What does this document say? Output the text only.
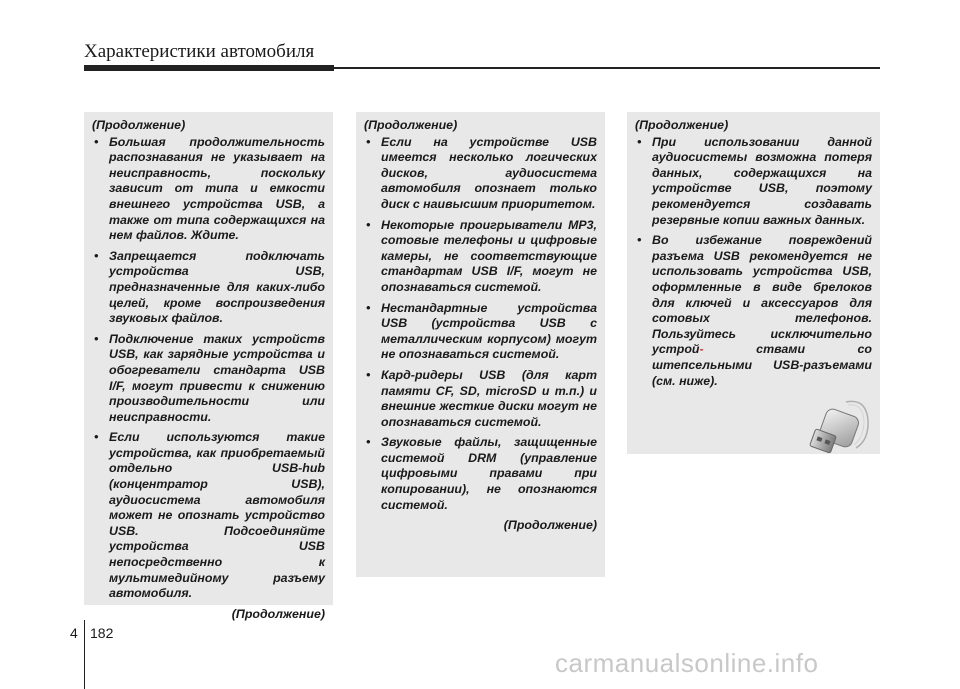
Характеристики автомобиля
(Продолжение)
• Большая продолжительность распознавания не указывает на неисправность, поскольку зависит от типа и емкости внешнего устройства USB, а также от типа содержащихся на нем файлов. Ждите.
• Запрещается подключать устройства USB, предназначенные для каких-либо целей, кроме воспроизведения звуковых файлов.
• Подключение таких устройств USB, как зарядные устройства и обогреватели стандарта USB I/F, могут привести к снижению производительности или неисправности.
• Если используются такие устройства, как приобретаемый отдельно USB-hub (концентратор USB), аудиосистема автомобиля может не опознать устройство USB. Подсоединяйте устройства USB непосредственно к мультимедийному разъему автомобиля.
(Продолжение)
(Продолжение)
• Если на устройстве USB имеется несколько логических дисков, аудиосистема автомобиля опознает только диск с наивысшим приоритетом.
• Некоторые проигрыватели MP3, сотовые телефоны и цифровые камеры, не соответствующие стандартам USB I/F, могут не опознаваться системой.
• Нестандартные устройства USB (устройства USB с металлическим корпусом) могут не опознаваться системой.
• Кард-ридеры USB (для карт памяти CF, SD, microSD и т.п.) и внешние жесткие диски могут не опознаваться системой.
• Звуковые файлы, защищенные системой DRM (управление цифровыми правами при копировании), не опознаются системой.
(Продолжение)
(Продолжение)
• При использовании данной аудиосистемы возможна потеря данных, содержащихся на устройстве USB, поэтому рекомендуется создавать резервные копии важных данных.
• Во избежание повреждений разъема USB рекомендуется не использовать устройства USB, оформленные в виде брелоков для ключей и аксессуаров для сотовых телефонов. Пользуйтесь исключительно устрой-	ствами со штепсельными USB-разъемами (см. ниже).
4 182
carmanualsonline.info
